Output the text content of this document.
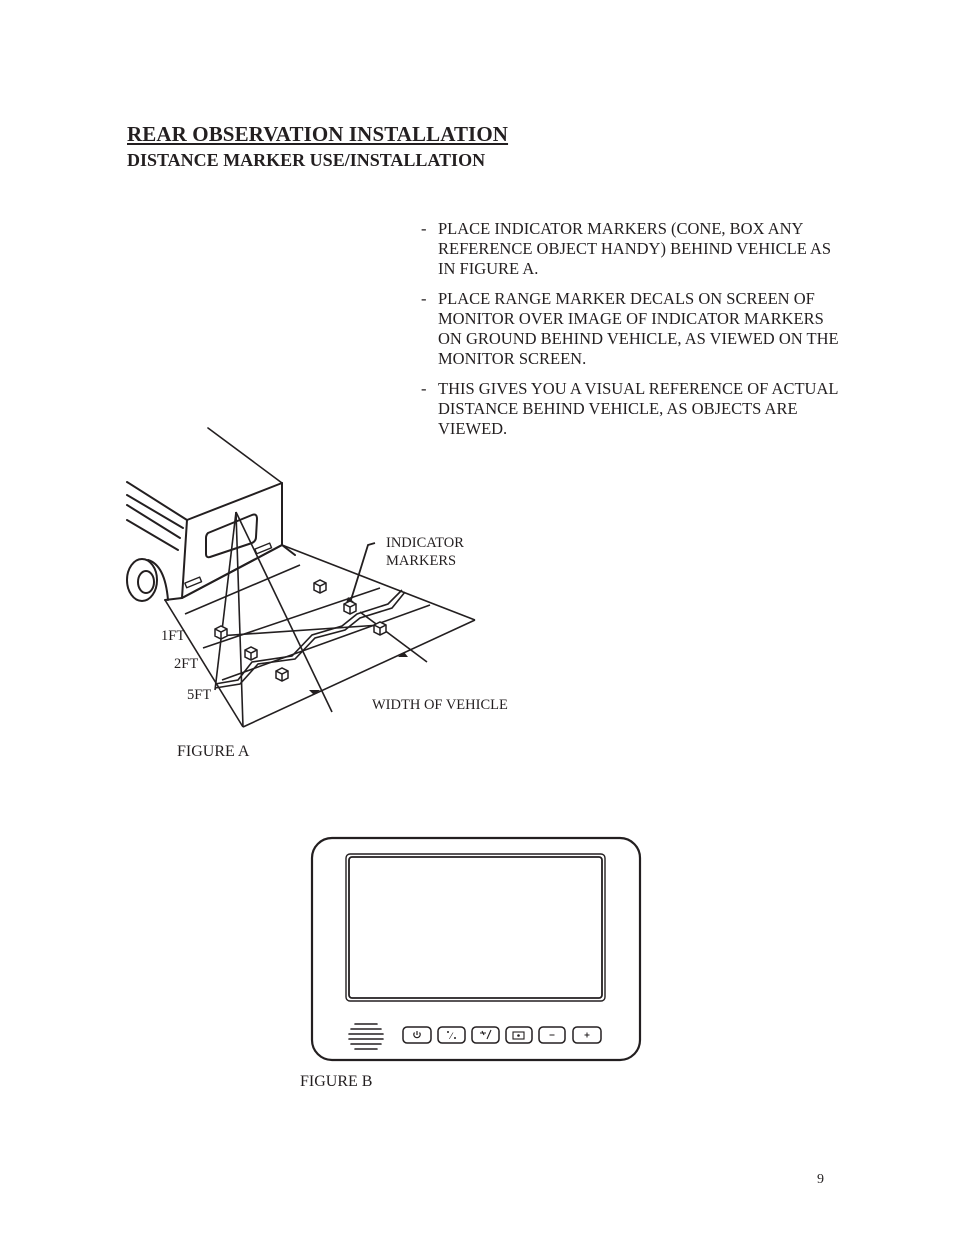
REAR OBSERVATION INSTALLATION
DISTANCE MARKER USE/INSTALLATION
- PLACE INDICATOR MARKERS (CONE, BOX ANY REFERENCE OBJECT HANDY) BEHIND VEHICLE AS IN FIGURE A.
- PLACE RANGE MARKER DECALS ON SCREEN OF MONITOR OVER IMAGE OF INDICATOR MARKERS ON GROUND BEHIND VEHICLE, AS VIEWED ON THE MONITOR SCREEN.
- THIS GIVES YOU A VISUAL REFERENCE OF ACTUAL DISTANCE BEHIND VEHICLE, AS OBJECTS ARE VIEWED.

INDICATOR

MARKERS

1FT

2FT

5FT

WIDTH OF VEHICLE

FIGURE A

⁄

FIGURE B

9
